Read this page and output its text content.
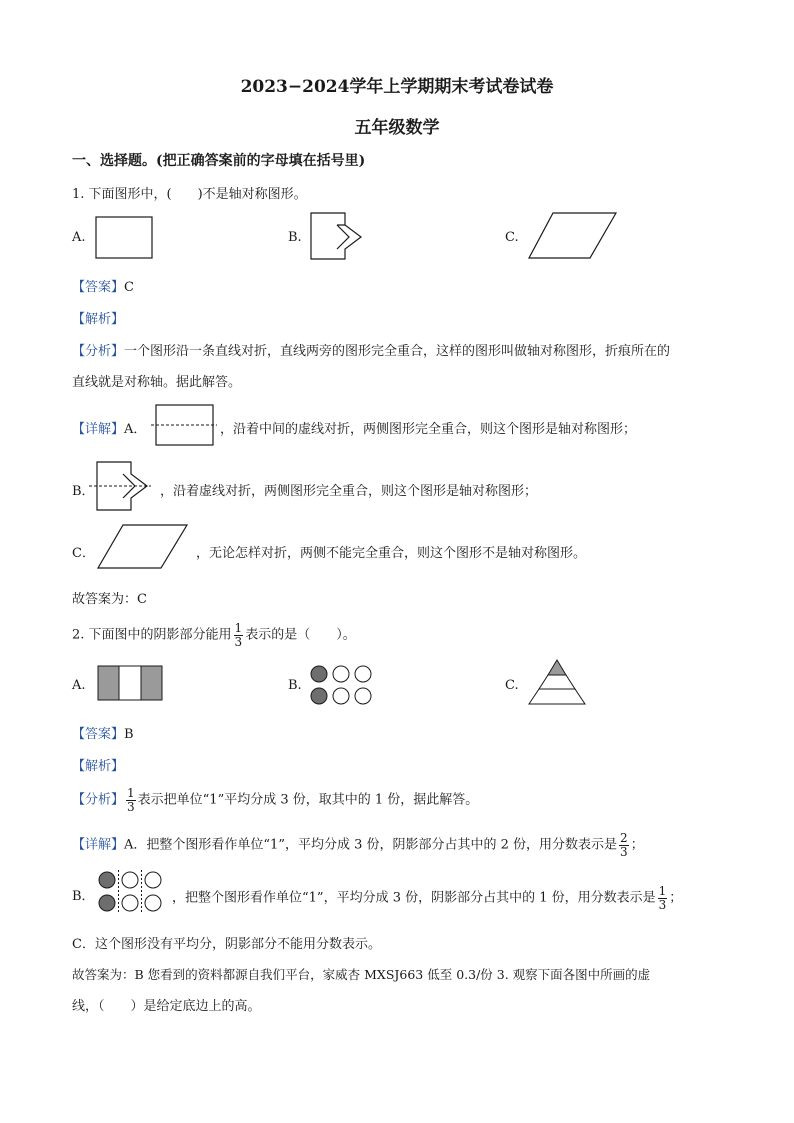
2023−2024学年上学期期末考试卷试卷
五年级数学
一、选择题。(把正确答案前的字母填在括号里)
1. 下面图形中，(　　)不是轴对称图形。
A.	B.	C.
【答案】C
【解析】
【分析】一个图形沿一条直线对折，直线两旁的图形完全重合，这样的图形叫做轴对称图形，折痕所在的
直线就是对称轴。据此解答。
【详解】A．	，沿着中间的虚线对折，两侧图形完全重合，则这个图形是轴对称图形；
B．	，沿着虚线对折，两侧图形完全重合，则这个图形是轴对称图形；
C．	，无论怎样对折，两侧不能完全重合，则这个图形不是轴对称图形。
故答案为：C
2. 下面图中的阴影部分能用 $\frac{1}{3}$ 表示的是（　　）。
A.	B.	C.
【答案】B
【解析】
【分析】 $\frac{1}{3}$ 表示把单位“1”平均分成 3 份，取其中的 1 份，据此解答。
【详解】A．把整个图形看作单位“1”，平均分成 3 份，阴影部分占其中的 2 份，用分数表示是 $\frac{2}{3}$ ；
B．	，把整个图形看作单位“1”，平均分成 3 份，阴影部分占其中的 1 份，用分数表示是 $\frac{1}{3}$ ；
C．这个图形没有平均分，阴影部分不能用分数表示。
故答案为：B 您看到的资料都源自我们平台，家威杏 MXSJ663 低至 0.3/份 3. 观察下面各图中所画的虚
线，（　　）是给定底边上的高。
